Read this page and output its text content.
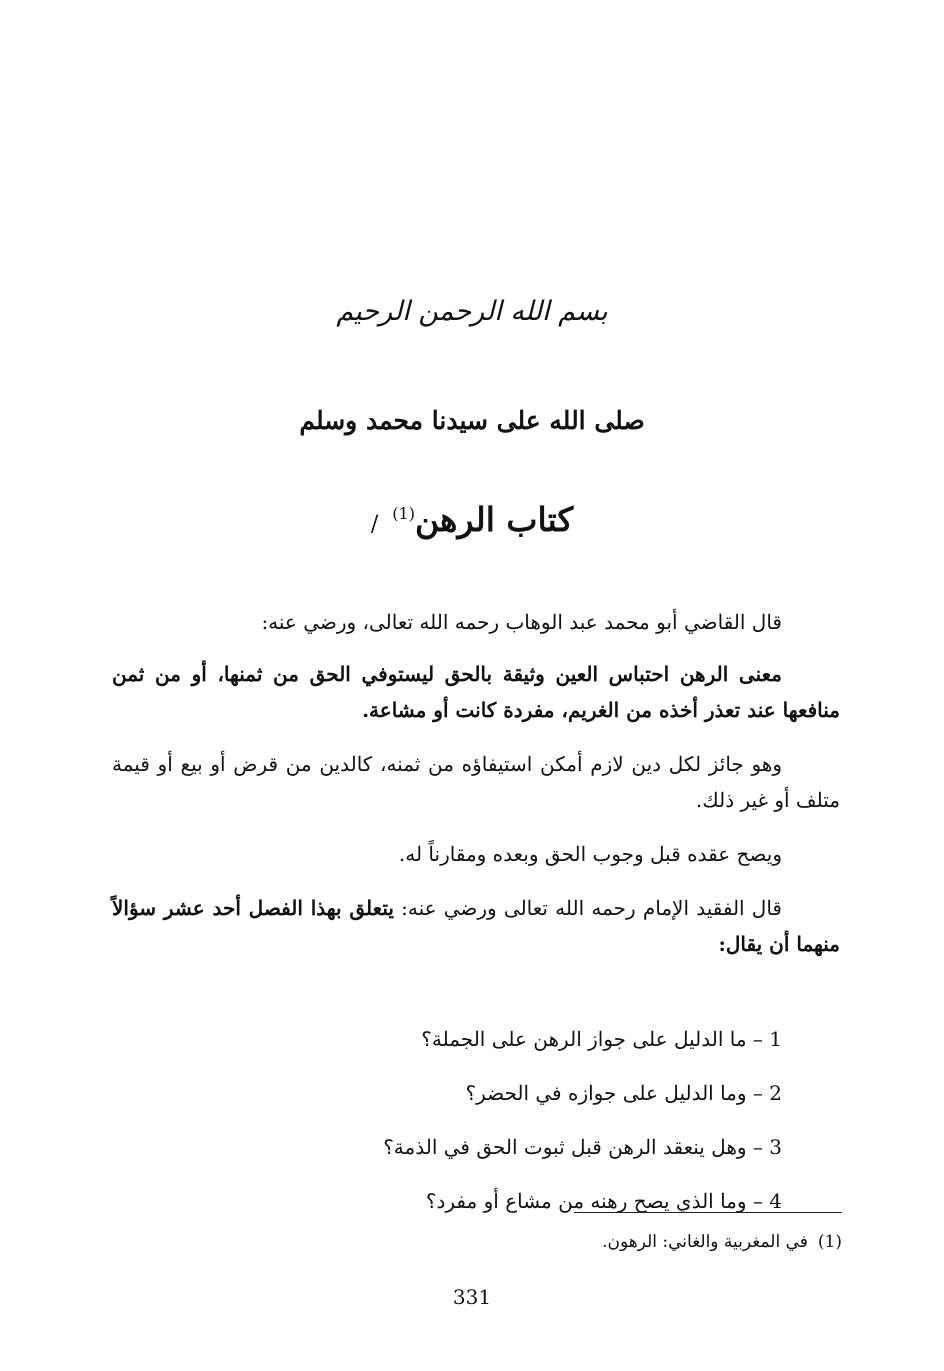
بسم الله الرحمن الرحيم
صلى الله على سيدنا محمد وسلم
كتاب الرهن$^{(1)}$/

قال القاضي أبو محمد عبد الوهاب رحمه الله تعالى، ورضي عنه:

معنى الرهن احتباس العين وثيقة بالحق ليستوفي الحق من ثمنها، أو من ثمن منافعها عند تعذر أخذه من الغريم، مفردة كانت أو مشاعة.

وهو جائز لكل دين لازم أمكن استيفاؤه من ثمنه، كالدين من قرض أو بيع أو قيمة متلف أو غير ذلك.

ويصح عقده قبل وجوب الحق وبعده ومقارناً له.

قال الفقيد الإمام رحمه الله تعالى ورضي عنه: يتعلق بهذا الفصل أحد عشر سؤالاً منهما أن يقال:

1 – ما الدليل على جواز الرهن على الجملة؟
2 – وما الدليل على جوازه في الحضر؟
3 – وهل ينعقد الرهن قبل ثبوت الحق في الذمة؟
4 – وما الذي يصح رهنه من مشاع أو مفرد؟
(1)في المغربية والغاني: الرهون.
331
